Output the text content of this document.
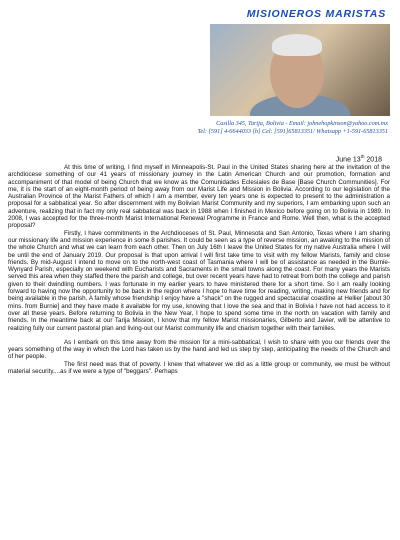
MISIONEROS MARISTAS
Casilla 345, Tarija, Bolivia - Email: johnehopkinson@yahoo.com.mx
Tel: [591] 4-6644033 [h] Cel: [591]65813351/ Whatsapp +1-591-65813351
June 13th 2018

At this time of writing, I find myself in Minneapolis-St. Paul in the United States sharing here at the invitation of the archdiocese something of our 41 years of missionary journey in the Latin American Church and our promotion, formation and accompaniment of that model of being Church that we know as the Comunidades Eclesiales de Base [Base Church Communities]. For me, it is the start of an eight-month period of being away from our Marist Life and Mission in Bolivia. According to our legislation of the Australian Province of the Marist Fathers of which I am a member, every ten years one is expected to present to the administration a proposal for a sabbatical year. So after discernment with my Bolivian Marist Community and my superiors, I am embarking upon such an adventure, realizing that in fact my only real sabbatical was back in 1988 when I finished in Mexico before going on to Bolivia in 1989. In 2008, I was accepted for the three-month Marist International Renewal Programme in France and Rome. Well then, what is the accepted proposal?

Firstly, I have commitments in the Archdioceses of St. Paul, Minnesota and San Antonio, Texas where I am sharing our missionary life and mission experience in some 8 parishes. It could be seen as a type of reverse mission, an awaking to the mission of the whole Church and what we can learn from each other. Then on July 16th I leave the United States for my native Australia where I will be until the end of January 2019. Our proposal is that upon arrival I will first take time to visit with my fellow Marists, family and close friends. By mid-August I intend to move on to the north-west coast of Tasmania where I will be of assistance as needed in the Burnie-Wynyard Parish, especially on weekend with Eucharists and Sacraments in the small towns along the coast. For many years the Marists served this area when they staffed there the parish and college, but over recent years have had to retreat from both the college and parish given to their dwindling numbers. I was fortunate in my earlier years to have ministered there for a short time. So I am really looking forward to having now the opportunity to be back in the region where I hope to have time for reading, writing, making new friends and for being available in the parish. A family whose friendship I enjoy have a "shack" on the rugged and spectacular coastline at Hellier [about 30 mins. from Burnie] and they have made it available for my use, knowing that I love the sea and that in Bolivia I have not had access to it over all these years. Before returning to Bolivia in the New Year, I hope to spend some time in the north on vacation with family and friends. In the meantime back at our Tarija Mission, I know that my fellow Marist missionaries, Gilberto and Javier, will be attentive to realizing fully our current pastoral plan and living-out our Marist community life and charism together with their families.

As I embark on this time away from the mission for a mini-sabbatical, I wish to share with you our friends over the years something of the way in which the Lord has taken us by the hand and led us step by step, anticipating the needs of the Church and of her people.

The first need was that of poverty. I knew that whatever we did as a little group or community, we must be without material security....as if we were a type of "beggars". Perhaps
